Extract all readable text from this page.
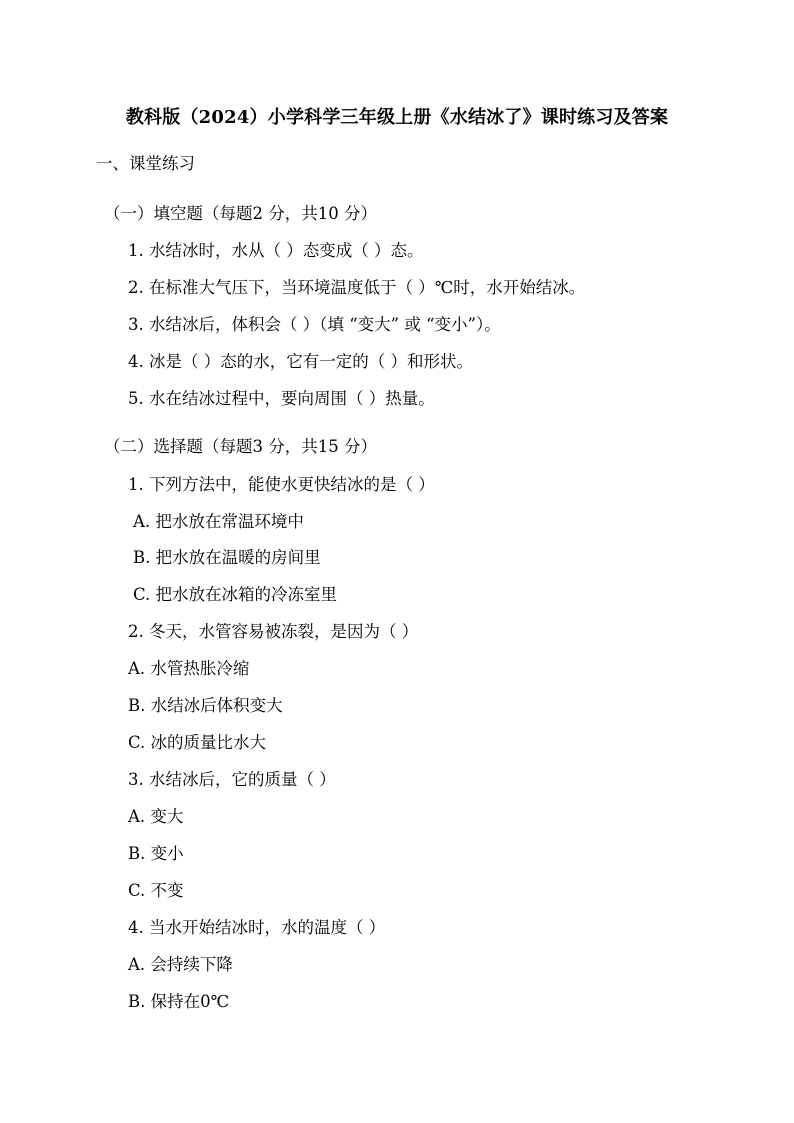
教科版（2024）小学科学三年级上册《水结冰了》课时练习及答案
一、课堂练习
（一）填空题（每题2 分，共10 分）
1. 水结冰时，水从（ ）态变成（ ）态。
2. 在标准大气压下，当环境温度低于（ ）℃时，水开始结冰。
3. 水结冰后，体积会（ ）（填 “变大” 或 “变小”）。
4. 冰是（ ）态的水，它有一定的（ ）和形状。
5. 水在结冰过程中，要向周围（ ）热量。
（二）选择题（每题3 分，共15 分）
1. 下列方法中，能使水更快结冰的是（ ）
A. 把水放在常温环境中
B. 把水放在温暖的房间里
C. 把水放在冰箱的冷冻室里
2. 冬天，水管容易被冻裂，是因为（ ）
A. 水管热胀冷缩
B. 水结冰后体积变大
C. 冰的质量比水大
3. 水结冰后，它的质量（ ）
A. 变大
B. 变小
C. 不变
4. 当水开始结冰时，水的温度（ ）
A. 会持续下降
B. 保持在0℃
